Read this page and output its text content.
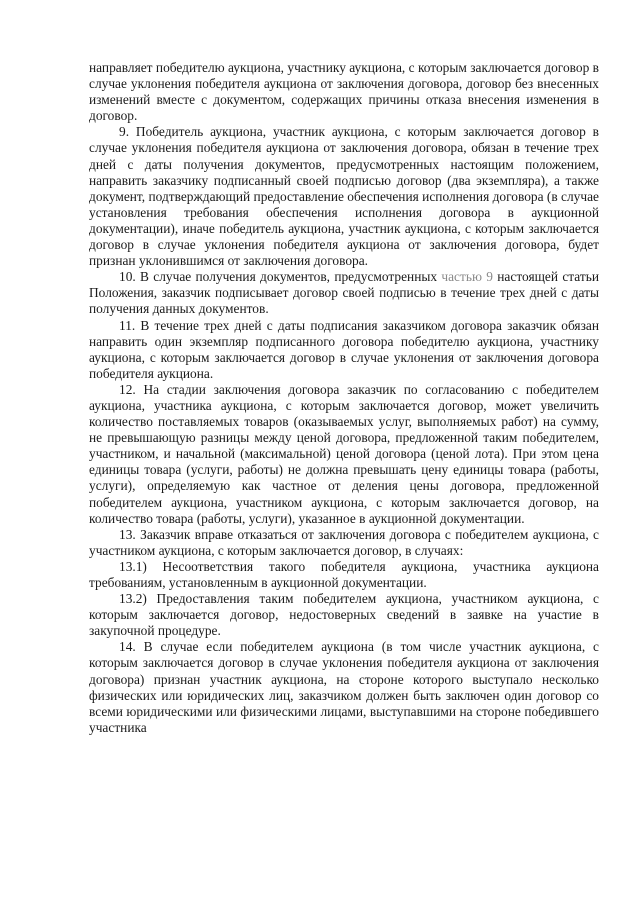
направляет победителю аукциона, участнику аукциона, с которым заключается договор в случае уклонения победителя аукциона от заключения договора, договор без внесенных изменений вместе с документом, содержащих причины отказа внесения изменения в договор.

9. Победитель аукциона, участник аукциона, с которым заключается договор в случае уклонения победителя аукциона от заключения договора, обязан в течение трех дней с даты получения документов, предусмотренных настоящим положением, направить заказчику подписанный своей подписью договор (два экземпляра), а также документ, подтверждающий предоставление обеспечения исполнения договора (в случае установления требования обеспечения исполнения договора в аукционной документации), иначе победитель аукциона, участник аукциона, с которым заключается договор в случае уклонения победителя аукциона от заключения договора, будет признан уклонившимся от заключения договора.

10. В случае получения документов, предусмотренных частью 9 настоящей статьи Положения, заказчик подписывает договор своей подписью в течение трех дней с даты получения данных документов.

11. В течение трех дней с даты подписания заказчиком договора заказчик обязан направить один экземпляр подписанного договора победителю аукциона, участнику аукциона, с которым заключается договор в случае уклонения от заключения договора победителя аукциона.

12. На стадии заключения договора заказчик по согласованию с победителем аукциона, участника аукциона, с которым заключается договор, может увеличить количество поставляемых товаров (оказываемых услуг, выполняемых работ) на сумму, не превышающую разницы между ценой договора, предложенной таким победителем, участником, и начальной (максимальной) ценой договора (ценой лота). При этом цена единицы товара (услуги, работы) не должна превышать цену единицы товара (работы, услуги), определяемую как частное от деления цены договора, предложенной победителем аукциона, участником аукциона, с которым заключается договор, на количество товара (работы, услуги), указанное в аукционной документации.

13. Заказчик вправе отказаться от заключения договора с победителем аукциона, с участником аукциона, с которым заключается договор, в случаях:

13.1) Несоответствия такого победителя аукциона, участника аукциона требованиям, установленным в аукционной документации.

13.2) Предоставления таким победителем аукциона, участником аукциона, с которым заключается договор, недостоверных сведений в заявке на участие в закупочной процедуре.

14. В случае если победителем аукциона (в том числе участник аукциона, с которым заключается договор в случае уклонения победителя аукциона от заключения договора) признан участник аукциона, на стороне которого выступало несколько физических или юридических лиц, заказчиком должен быть заключен один договор со всеми юридическими или физическими лицами, выступавшими на стороне победившего участника
